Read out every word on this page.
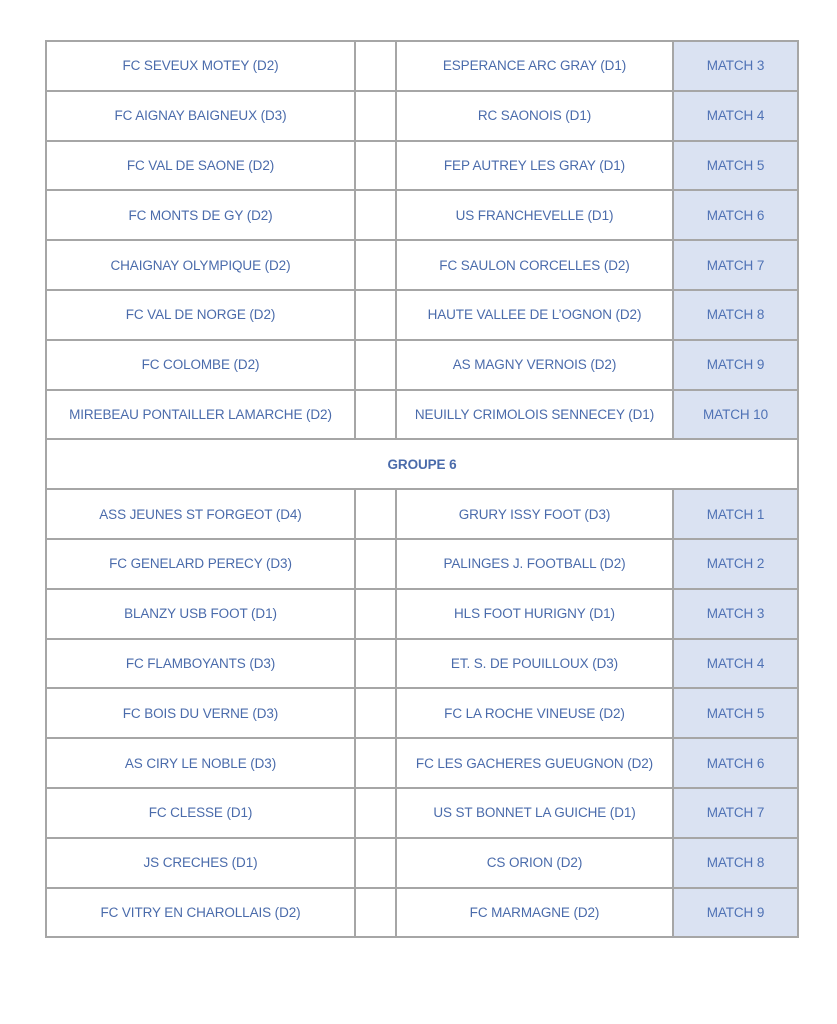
FC SEVEUX MOTEY (D2)		ESPERANCE ARC GRAY (D1)	MATCH 3
FC AIGNAY BAIGNEUX (D3)		RC SAONOIS (D1)	MATCH 4
FC VAL DE SAONE (D2)		FEP AUTREY LES GRAY (D1)	MATCH 5
FC MONTS DE GY (D2)		US FRANCHEVELLE (D1)	MATCH 6
CHAIGNAY OLYMPIQUE (D2)		FC SAULON CORCELLES (D2)	MATCH 7
FC VAL DE NORGE (D2)		HAUTE VALLEE DE L’OGNON (D2)	MATCH 8
FC COLOMBE (D2)		AS MAGNY VERNOIS (D2)	MATCH 9
MIREBEAU PONTAILLER LAMARCHE (D2)		NEUILLY CRIMOLOIS SENNECEY (D1)	MATCH 10
GROUPE 6			
ASS JEUNES ST FORGEOT (D4)		GRURY ISSY FOOT (D3)	MATCH 1
FC GENELARD PERECY (D3)		PALINGES J. FOOTBALL (D2)	MATCH 2
BLANZY USB FOOT (D1)		HLS FOOT HURIGNY (D1)	MATCH 3
FC FLAMBOYANTS (D3)		ET. S. DE POUILLOUX (D3)	MATCH 4
FC BOIS DU VERNE (D3)		FC LA ROCHE VINEUSE (D2)	MATCH 5
AS CIRY LE NOBLE (D3)		FC LES GACHERES GUEUGNON (D2)	MATCH 6
FC CLESSE (D1)		US ST BONNET LA GUICHE (D1)	MATCH 7
JS CRECHES (D1)		CS ORION (D2)	MATCH 8
FC VITRY EN CHAROLLAIS (D2)		FC MARMAGNE (D2)	MATCH 9
